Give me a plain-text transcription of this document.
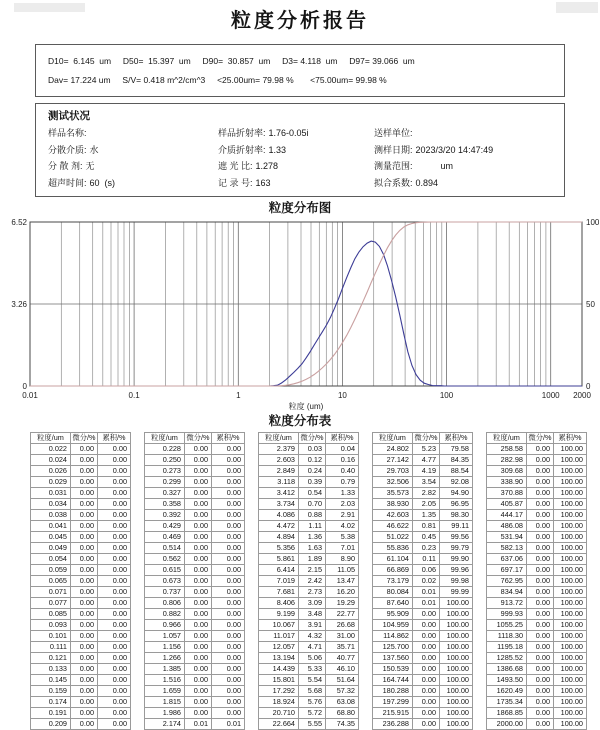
粒度分析报告
D10=  6.145  um     D50=  15.397  um     D90=  30.857  um     D3= 4.118  um     D97= 39.066  um
Dav= 17.224 um     S/V= 0.418 m^2/cm^3     <25.00um= 79.98 %       <75.00um= 99.98 %
测试状况
样品名称:
分散介质: 水
分 散 剂: 无
超声时间: 60  (s)
样品折射率: 1.76-0.05i
介质折射率: 1.33
遮 光 比: 1.278
记 录 号: 163
送样单位:
测样日期: 2023/3/20 14:47:49
测量范围:          um
拟合系数: 0.894
粒度分布图
0
3.26
6.52
0
50
100
0.01	0.1	1	10	100	1000 2000
粒度 (um)
粒度分布表
粒度/um	微分/%	累积/%
0.022	0.00	0.00
0.024	0.00	0.00
0.026	0.00	0.00
0.029	0.00	0.00
0.031	0.00	0.00
0.034	0.00	0.00
0.038	0.00	0.00
0.041	0.00	0.00
0.045	0.00	0.00
0.049	0.00	0.00
0.054	0.00	0.00
0.059	0.00	0.00
0.065	0.00	0.00
0.071	0.00	0.00
0.077	0.00	0.00
0.085	0.00	0.00
0.093	0.00	0.00
0.101	0.00	0.00
0.111	0.00	0.00
0.121	0.00	0.00
0.133	0.00	0.00
0.145	0.00	0.00
0.159	0.00	0.00
0.174	0.00	0.00
0.191	0.00	0.00
0.209	0.00	0.00
粒度/um	微分/%	累积/%
0.228	0.00	0.00
0.250	0.00	0.00
0.273	0.00	0.00
0.299	0.00	0.00
0.327	0.00	0.00
0.358	0.00	0.00
0.392	0.00	0.00
0.429	0.00	0.00
0.469	0.00	0.00
0.514	0.00	0.00
0.562	0.00	0.00
0.615	0.00	0.00
0.673	0.00	0.00
0.737	0.00	0.00
0.806	0.00	0.00
0.882	0.00	0.00
0.966	0.00	0.00
1.057	0.00	0.00
1.156	0.00	0.00
1.266	0.00	0.00
1.385	0.00	0.00
1.516	0.00	0.00
1.659	0.00	0.00
1.815	0.00	0.00
1.986	0.00	0.00
2.174	0.01	0.01
粒度/um	微分/%	累积/%
2.379	0.03	0.04
2.603	0.12	0.16
2.849	0.24	0.40
3.118	0.39	0.79
3.412	0.54	1.33
3.734	0.70	2.03
4.086	0.88	2.91
4.472	1.11	4.02
4.894	1.36	5.38
5.356	1.63	7.01
5.861	1.89	8.90
6.414	2.15	11.05
7.019	2.42	13.47
7.681	2.73	16.20
8.406	3.09	19.29
9.199	3.48	22.77
10.067	3.91	26.68
11.017	4.32	31.00
12.057	4.71	35.71
13.194	5.06	40.77
14.439	5.33	46.10
15.801	5.54	51.64
17.292	5.68	57.32
18.924	5.76	63.08
20.710	5.72	68.80
22.664	5.55	74.35
粒度/um	微分/%	累积/%
24.802	5.23	79.58
27.142	4.77	84.35
29.703	4.19	88.54
32.506	3.54	92.08
35.573	2.82	94.90
38.930	2.05	96.95
42.603	1.35	98.30
46.622	0.81	99.11
51.022	0.45	99.56
55.836	0.23	99.79
61.104	0.11	99.90
66.869	0.06	99.96
73.179	0.02	99.98
80.084	0.01	99.99
87.640	0.01	100.00
95.909	0.00	100.00
104.959	0.00	100.00
114.862	0.00	100.00
125.700	0.00	100.00
137.560	0.00	100.00
150.539	0.00	100.00
164.744	0.00	100.00
180.288	0.00	100.00
197.299	0.00	100.00
215.915	0.00	100.00
236.288	0.00	100.00
粒度/um	微分/%	累积/%
258.58	0.00	100.00
282.98	0.00	100.00
309.68	0.00	100.00
338.90	0.00	100.00
370.88	0.00	100.00
405.87	0.00	100.00
444.17	0.00	100.00
486.08	0.00	100.00
531.94	0.00	100.00
582.13	0.00	100.00
637.06	0.00	100.00
697.17	0.00	100.00
762.95	0.00	100.00
834.94	0.00	100.00
913.72	0.00	100.00
999.93	0.00	100.00
1055.25	0.00	100.00
1118.30	0.00	100.00
1195.18	0.00	100.00
1285.52	0.00	100.00
1386.68	0.00	100.00
1493.50	0.00	100.00
1620.49	0.00	100.00
1735.34	0.00	100.00
1868.85	0.00	100.00
2000.00	0.00	100.00
